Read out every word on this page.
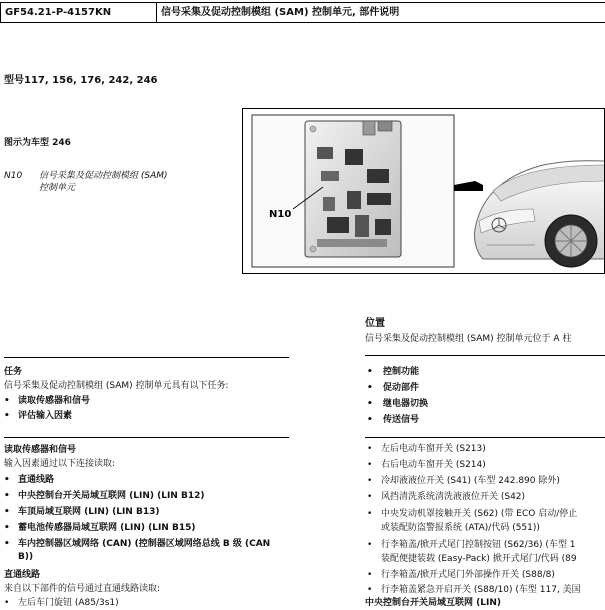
GF54.21-P-4157KN	信号采集及促动控制模组 (SAM) 控制单元, 部件说明
型号117, 156, 176, 242, 246
图示为车型 246
N10 信号采集及促动控制模组 (SAM)
控制单元
N10
位置
信号采集及促动控制模组 (SAM) 控制单元位于 A 柱
• 控制功能
• 促动部件
• 继电器切换
• 传送信号
• 左后电动车窗开关 (S213)
• 右后电动车窗开关 (S214)
• 冷却液液位开关 (S41) (车型 242.890 除外)
• 风挡清洗系统清洗液液位开关 (S42)
• 中央发动机罩接触开关 (S62) (带 ECO 启动/停止
或装配防盗警报系统 (ATA)/代码 (551))
• 行李箱盖/掀开式尾门控制按钮 (S62/36) (车型 1
装配便捷装载 (Easy-Pack) 掀开式尾门/代码 (89
• 行李箱盖/掀开式尾门外部操作开关 (S88/8)
• 行李箱盖紧急开启开关 (S88/10) (车型 117, 美国
中央控制台开关局域互联网 (LIN)
任务
信号采集及促动控制模组 (SAM) 控制单元具有以下任务:
• 读取传感器和信号
• 评估输入因素
读取传感器和信号
输入因素通过以下连接读取:
• 直通线路
• 中央控制台开关局域互联网 (LIN) (LIN B12)
• 车顶局域互联网 (LIN) (LIN B13)
• 蓄电池传感器局域互联网 (LIN) (LIN B15)
• 车内控制器区域网络 (CAN) (控制器区域网络总线 B 级 (CAN
B))
直通线路
来自以下部件的信号通过直通线路读取:
• 左后车门旋钮 (A85/3s1)
